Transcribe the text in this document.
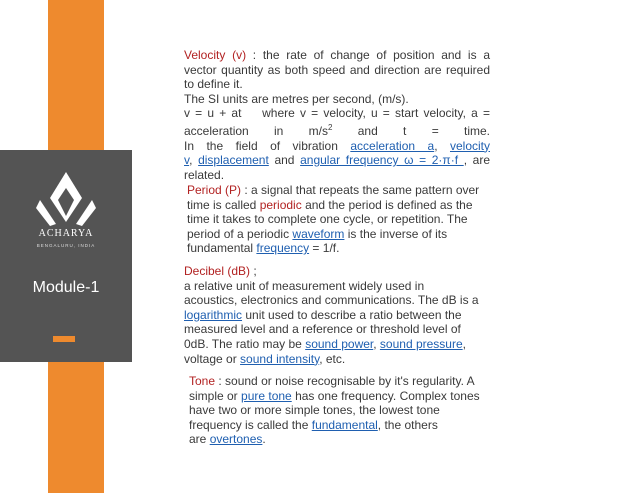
ACHARYA
BENGALURU, INDIA
Module-1
Velocity (v) : the rate of change of position and is a
vector quantity as both speed and direction are required
to define it.
The SI units are metres per second, (m/s).
v = u + at    where v = velocity, u = start velocity, a =
acceleration in $m/s^2$ and t = time.
In the field of vibration acceleration a, velocity
v, displacement and angular frequency ω = 2·π·f , are
related.
Period (P) : a signal that repeats the same pattern over
time is called periodic and the period is defined as the
time it takes to complete one cycle, or repetition. The
period of a periodic waveform is the inverse of its
fundamental frequency = 1/f.
Decibel (dB) ;
a relative unit of measurement widely used in
acoustics, electronics and communications. The dB is a
logarithmic unit used to describe a ratio between the
measured level and a reference or threshold level of
0dB. The ratio may be sound power, sound pressure,
voltage or sound intensity, etc.
Tone : sound or noise recognisable by it's regularity. A
simple or pure tone has one frequency. Complex tones
have two or more simple tones, the lowest tone
frequency is called the fundamental, the others
are overtones.
